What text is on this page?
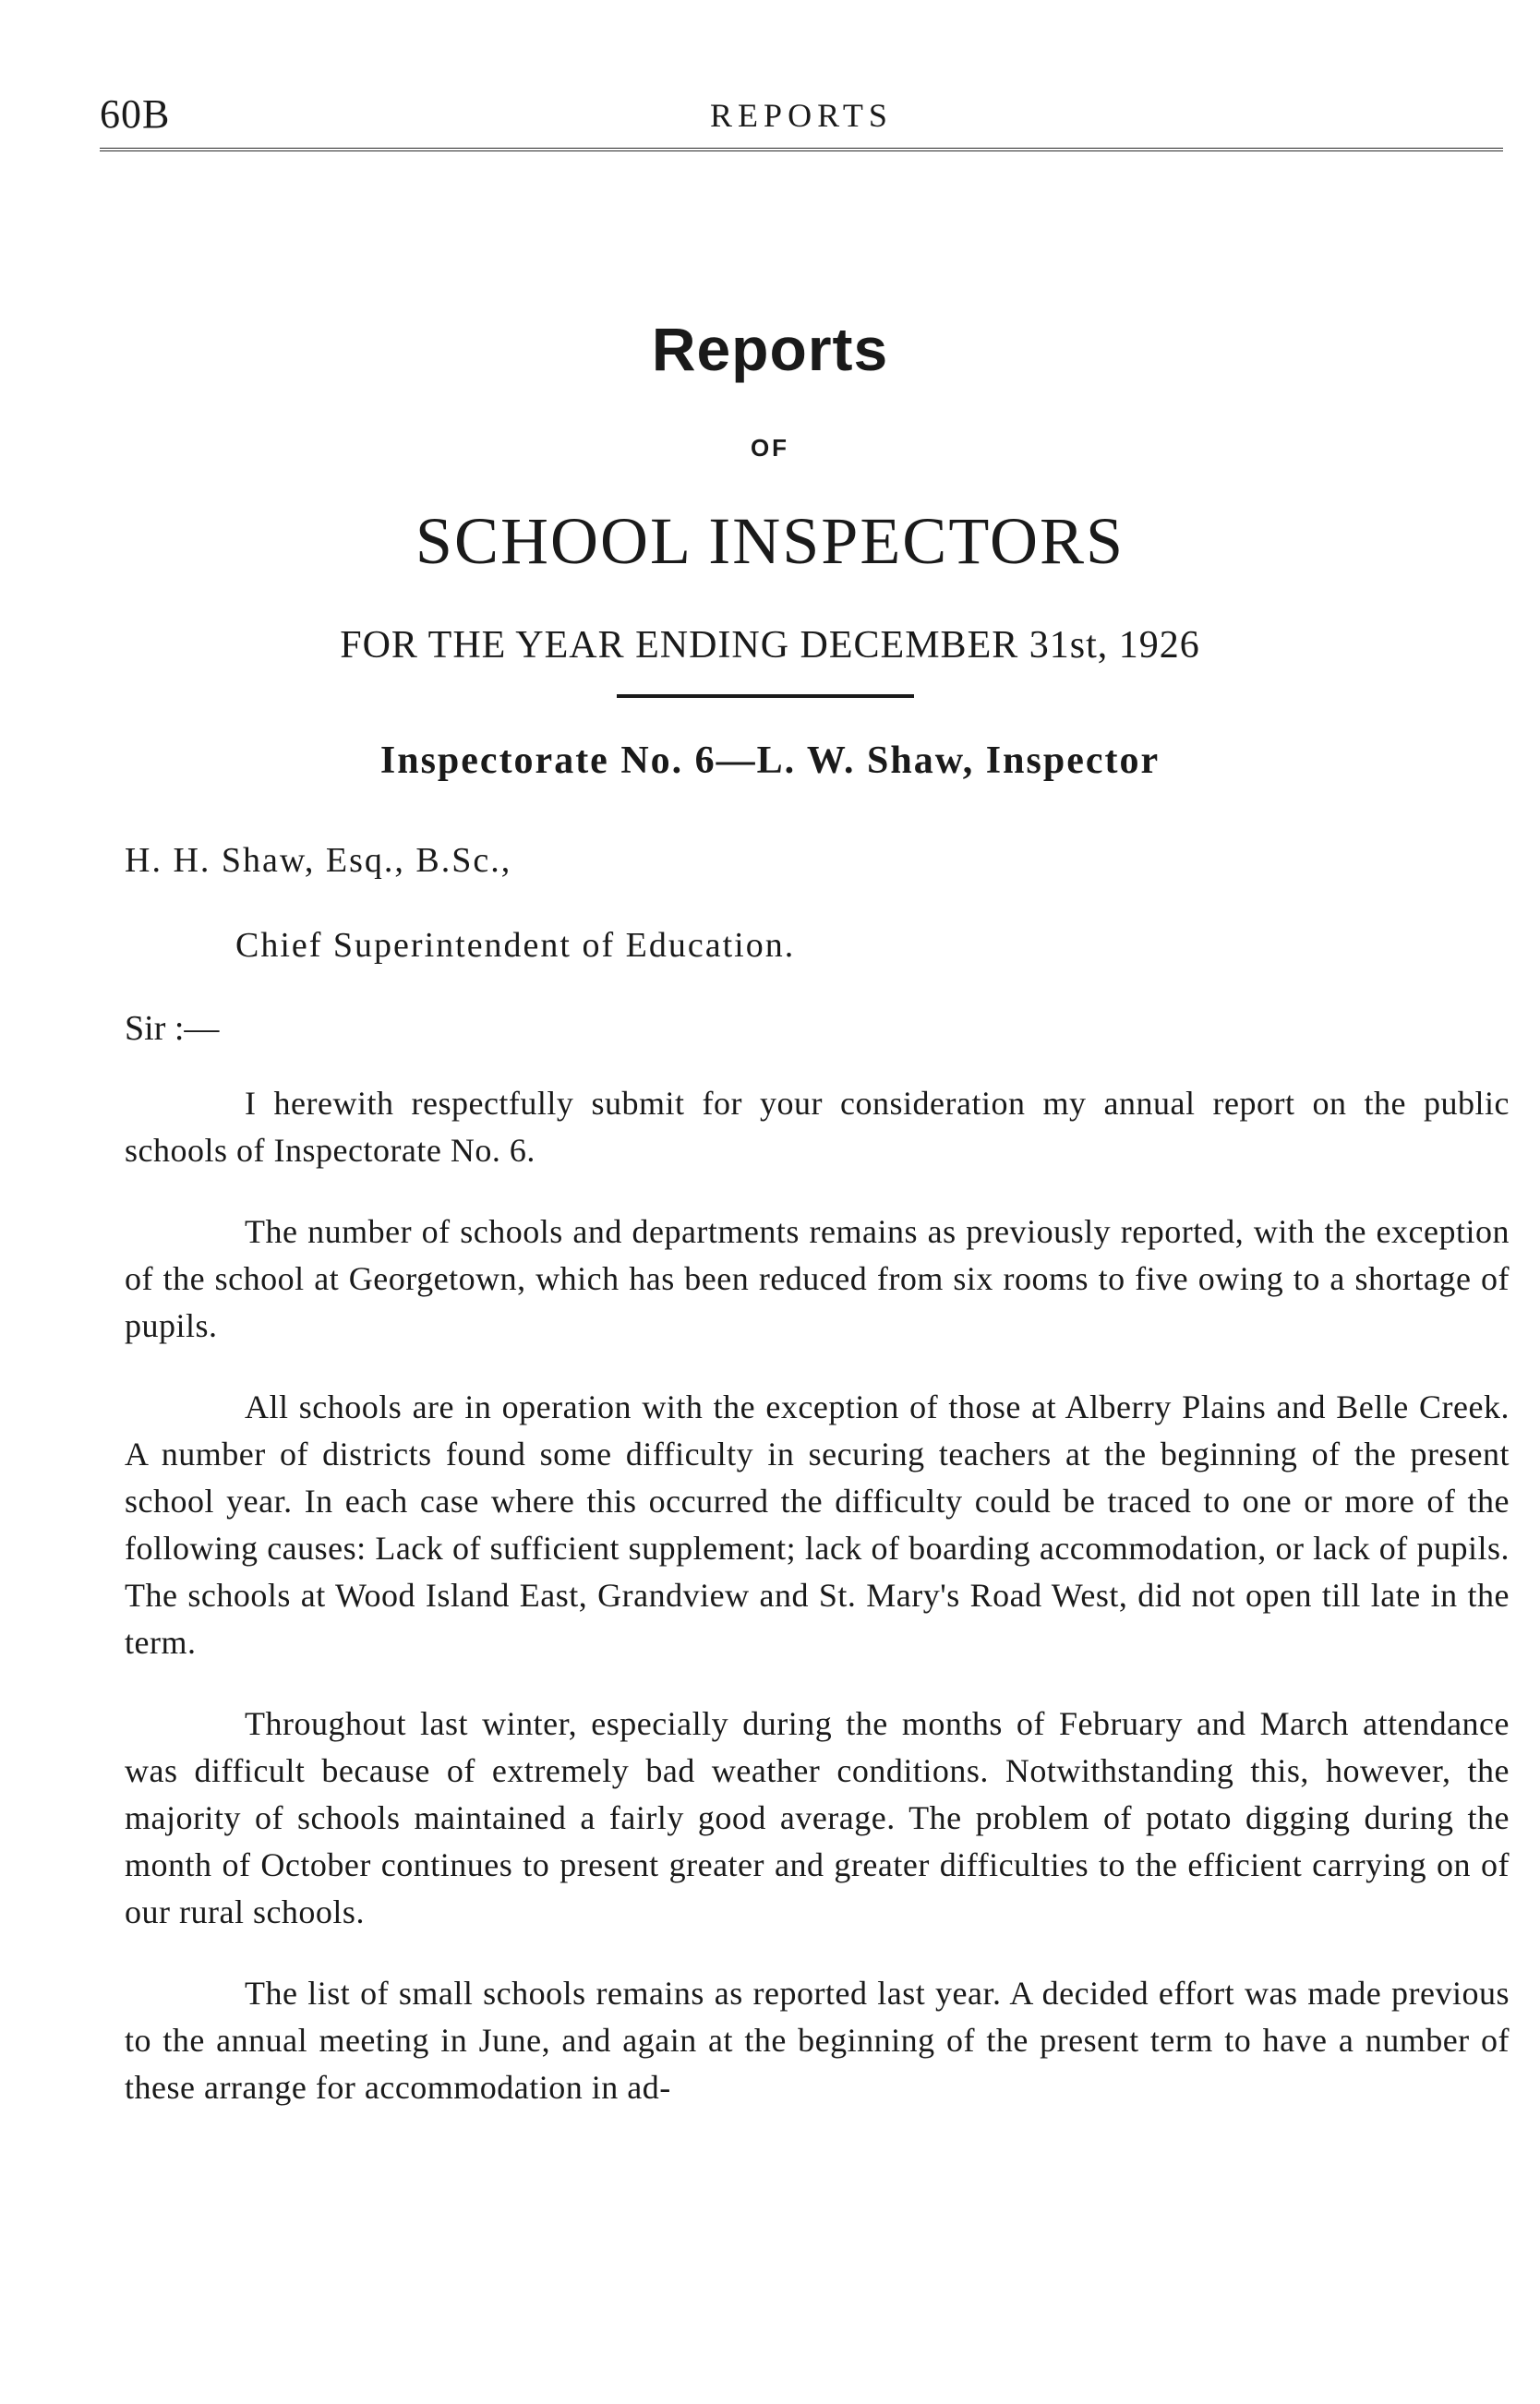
60B	REPORTS
Reports
OF
SCHOOL INSPECTORS
FOR THE YEAR ENDING DECEMBER 31st, 1926
Inspectorate No. 6—L. W. Shaw, Inspector
H. H. Shaw, Esq., B.Sc.,
Chief Superintendent of Education.
Sir :—

I herewith respectfully submit for your consideration my annual report on the public schools of Inspectorate No. 6.

The number of schools and departments remains as previously reported, with the exception of the school at Georgetown, which has been reduced from six rooms to five owing to a shortage of pupils.

All schools are in operation with the exception of those at Alberry Plains and Belle Creek. A number of districts found some difficulty in securing teachers at the beginning of the present school year. In each case where this occurred the difficulty could be traced to one or more of the following causes: Lack of sufficient supplement; lack of boarding accommodation, or lack of pupils. The schools at Wood Island East, Grandview and St. Mary's Road West, did not open till late in the term.

Throughout last winter, especially during the months of February and March attendance was difficult because of extremely bad weather conditions. Notwithstanding this, however, the majority of schools maintained a fairly good average. The problem of potato digging during the month of October continues to present greater and greater difficulties to the efficient carrying on of our rural schools.

The list of small schools remains as reported last year. A decided effort was made previous to the annual meeting in June, and again at the beginning of the present term to have a number of these arrange for accommodation in ad-
